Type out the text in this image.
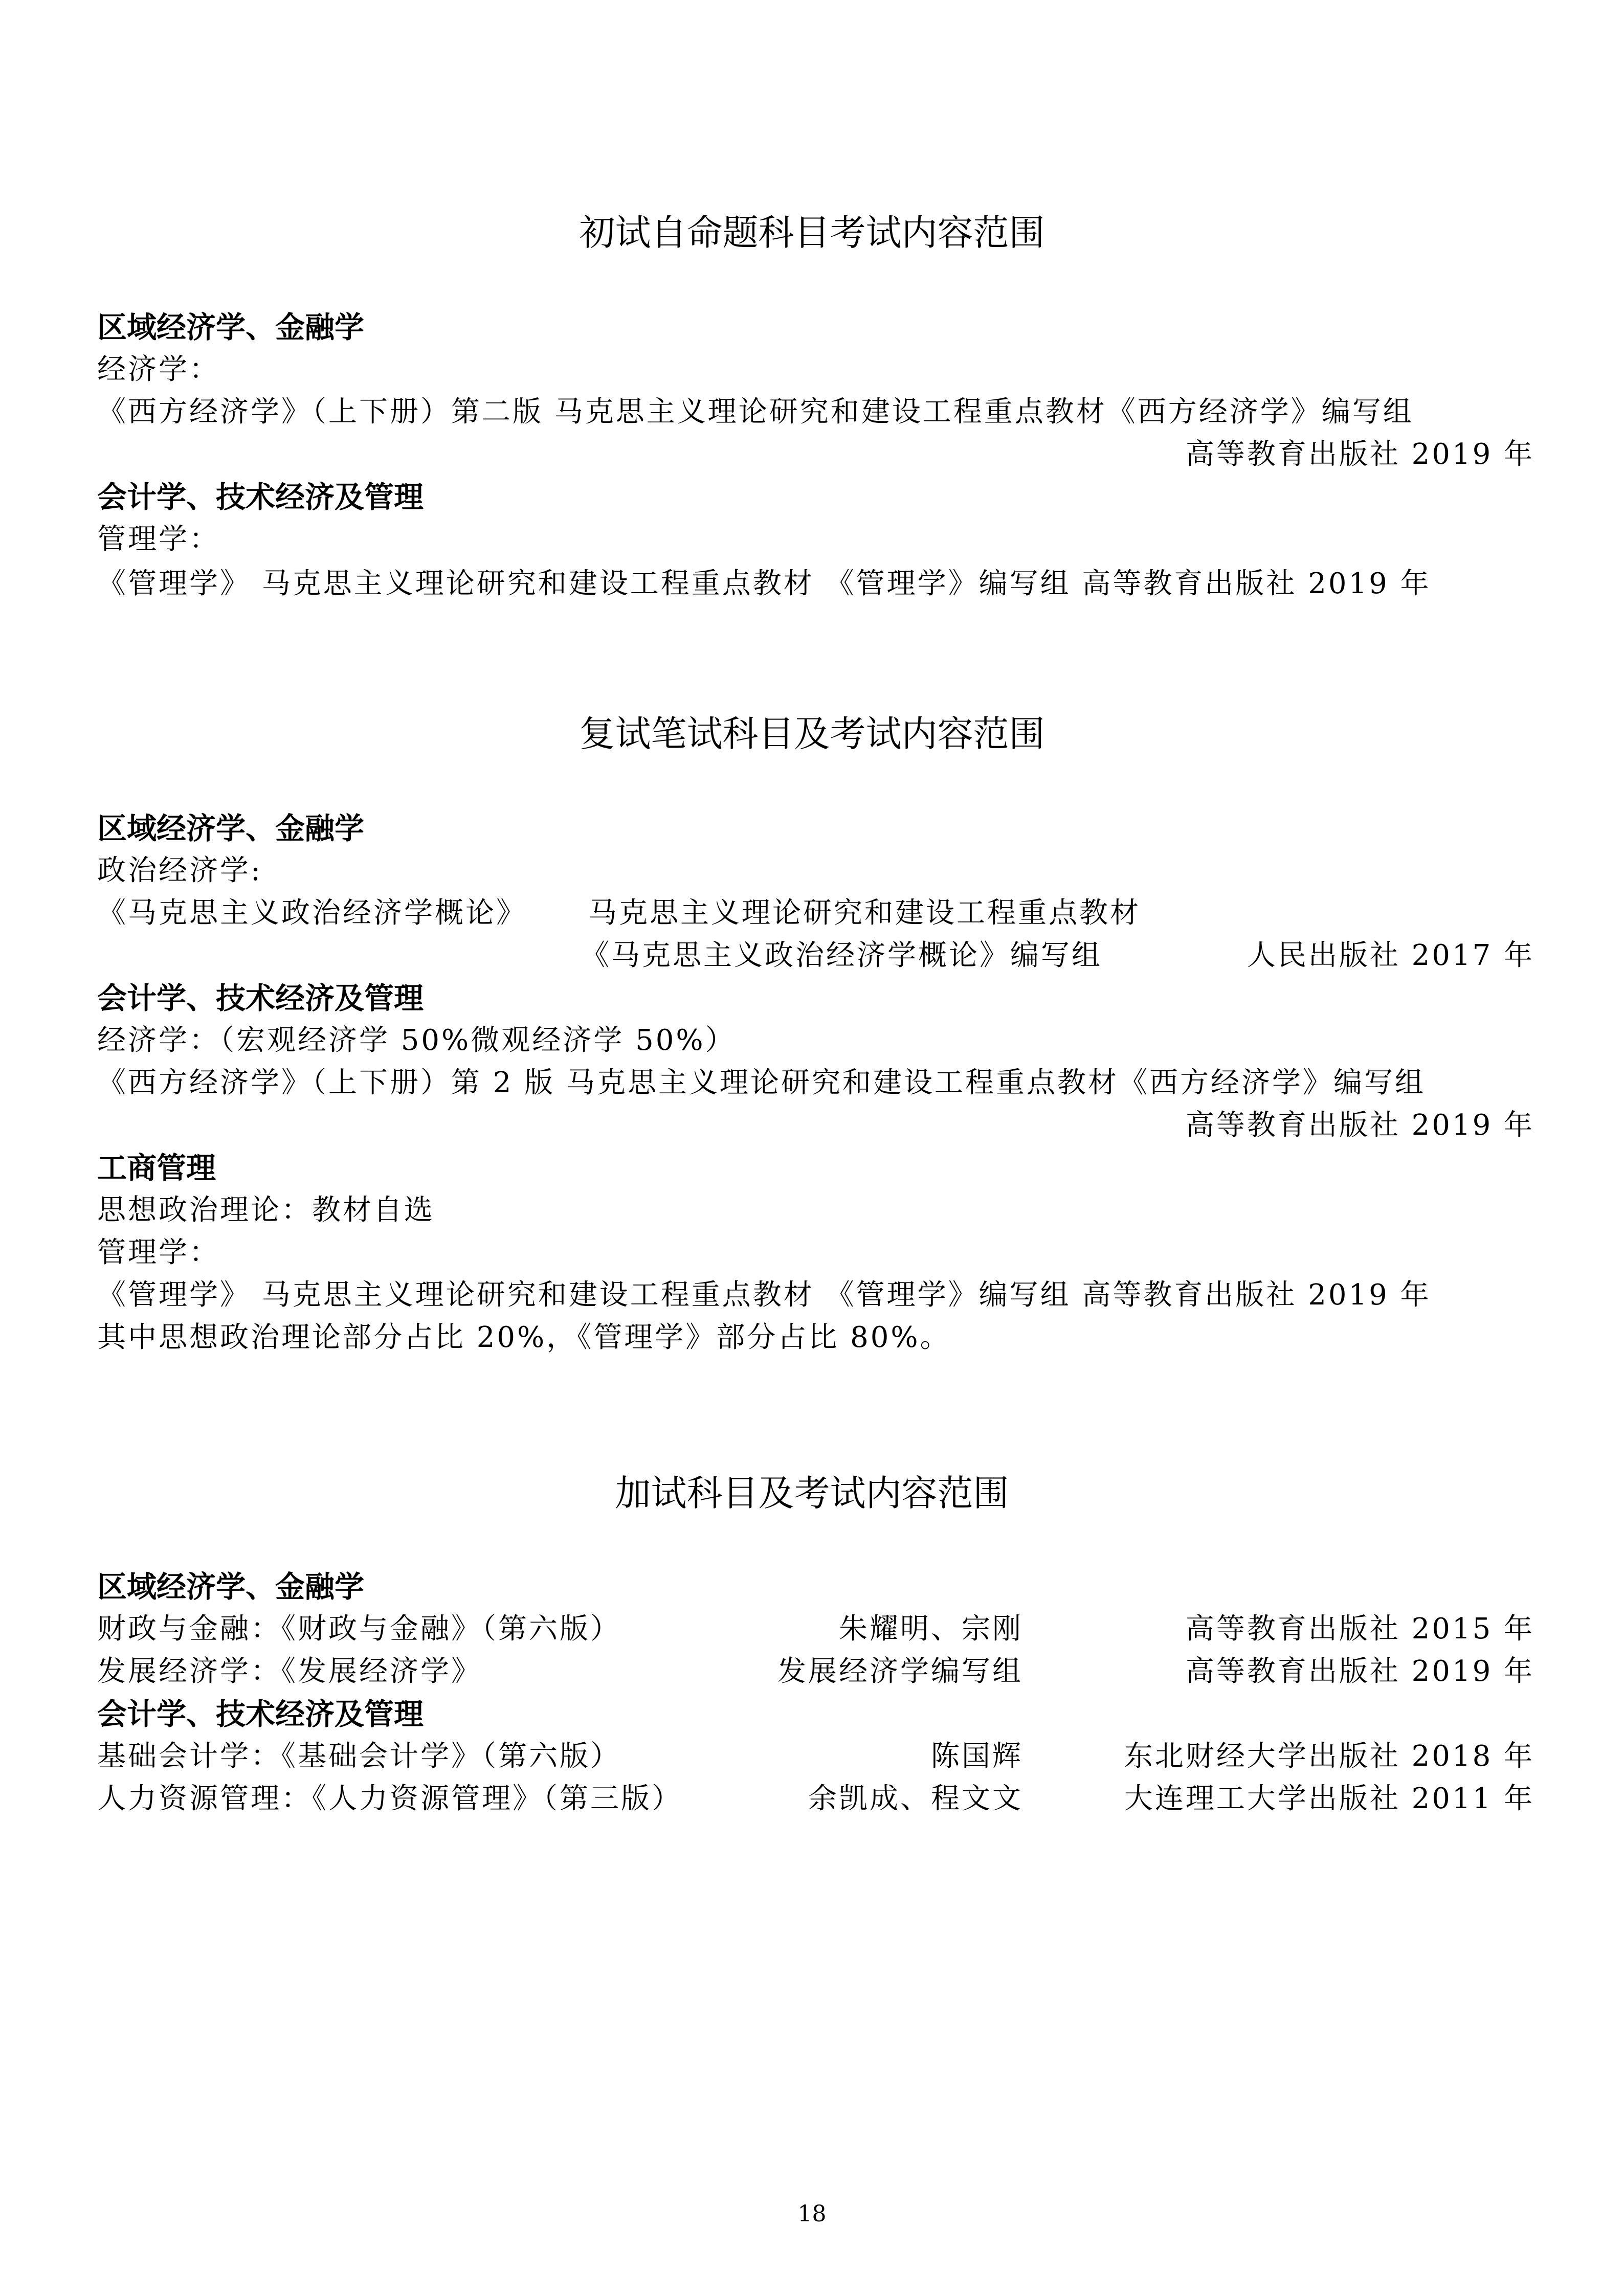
初试自命题科目考试内容范围
区域经济学、金融学
经济学：
《西方经济学》（上下册）第二版 马克思主义理论研究和建设工程重点教材《西方经济学》编写组
高等教育出版社 2019 年
会计学、技术经济及管理
管理学：
《管理学》 马克思主义理论研究和建设工程重点教材 《管理学》编写组 高等教育出版社 2019 年
复试笔试科目及考试内容范围
区域经济学、金融学
政治经济学:
《马克思主义政治经济学概论》 马克思主义理论研究和建设工程重点教材
《马克思主义政治经济学概论》编写组	人民出版社 2017 年
会计学、技术经济及管理
经济学：（宏观经济学 50%微观经济学 50%）
《西方经济学》（上下册）第 2 版 马克思主义理论研究和建设工程重点教材《西方经济学》编写组
高等教育出版社 2019 年
工商管理
思想政治理论：教材自选
管理学：
《管理学》 马克思主义理论研究和建设工程重点教材 《管理学》编写组 高等教育出版社 2019 年
其中思想政治理论部分占比 20%，《管理学》部分占比 80%。
加试科目及考试内容范围
区域经济学、金融学
财政与金融：《财政与金融》（第六版）	朱耀明、宗刚	高等教育出版社 2015 年
发展经济学：《发展经济学》	发展经济学编写组	高等教育出版社 2019 年
会计学、技术经济及管理
基础会计学：《基础会计学》（第六版）	陈国辉	东北财经大学出版社 2018 年
人力资源管理：《人力资源管理》（第三版）	余凯成、程文文	大连理工大学出版社 2011 年
18
